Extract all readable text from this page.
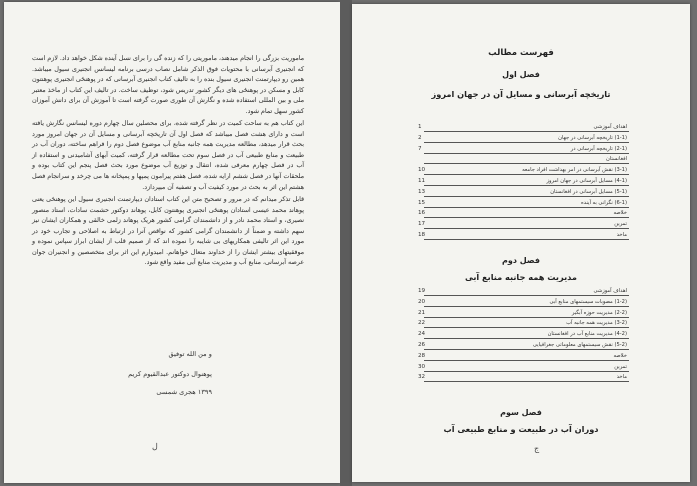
ماموریت بزرگی را انجام میدهند، ماموریتی را که زنده گی را برای نسل آینده شکل خواهد داد. لازم است که انجنیری آبرسانی با محتویات فوق الذکر شامل نصاب درسی برنامه لیسانس انجنیری سیول میباشد. همین رو دیپارتمنت انجنیری سیول بنده را به تالیف کتاب انجنیری آبرسانی که در پوهنځی انجنیری پوهنتون کابل و مسکن در پوهنځی های دیگر کشور تدریس شود، توظیف ساخت. در تالیف این کتاب از ماخذ معتبر ملی و بین المللی استفاده شده و نگارش آن طوری صورت گرفته است تا آموزش آن برای دانش آموزان کشور سهل تمام شود.

این کتاب هم به ساحت کمیت در نظر گرفته شده، برای محصلین سال چهارم دوره لیسانس نگارش یافته است و دارای هشت فصل میباشد که فصل اول آن تاریخچه آبرسانی و مسایل آن در جهان امروز مورد بحث قرار میدهد، مطالعه مدیریت همه جانبه منابع آب موضوع فصل دوم را فراهم ساخته، دوران آب در طبیعت و منابع طبیعی آب در فصل سوم تحت مطالعه قرار گرفته، کمیت آبهای آشامیدنی و استفاده از آب در فصل چهارم معرفی شده، انتقال و توزیع آب موضوع مورد بحث فصل پنجم این کتاب بوده و ملحقات آنها در فصل ششم ارایه شده، فصل هفتم پیرامون پمپها و پمپخانه ها می چرخد و سرانجام فصل هشتم این اثر به بحث در مورد کیفیت آب و تصفیه آن میپردازد.

قابل تذکر میدانم که در مرور و تصحیح متن این کتاب استادان دیپارتمنت انجنیری سیول این پوهنځی یعنی پوهاند محمد عیسی استادان پوهنځی انجنیری پوهنتون کابل، پوهاند دوکتور حشمت سادات، استاد منصور نصیری، و استاد محمد نادر و از دانشمندان گرامی کشور هریک پوهاند زلمی خالقی و همکاران ایشان نیز سهم داشته و ضمناً از دانشمندان گرامی کشور که نواقص آنرا در ارتباط به اصلاحی و تجارب خود در مورد این اثر تالیفی همکاریهای بی شایبه را نموده اند که از صمیم قلب از ایشان ابراز سپاس نموده و موفقیتهای بیشتر ایشان را از خداوند متعال خواهانم. امیدوارم این اثر برای متخصصین و انجنیران جوان عرصه آبرسانی، منابع آب و مدیریت منابع آبی مفید واقع شود.

و من الله توفیق
پوهنوال دوکتور عبدالقیوم کریم
۱۳۹۹ هجری شمسی
ل
فهرست مطالب
فصل اول
تاریخچه آبرسانی و مسایل آن در جهان امروز
اهداف آموزشی
1
(1-1) تاریخچه آبرسانی در جهان
2
(2-1) تاریخچه آبرسانی در
7
افغانستان
(3-1) نقش آبرسانی در امر بهداشت افراد جامعه
10
(4-1) مسایل آبرسانی در جهان امروز
11
(5-1) مسایل آبرسانی در افغانستان
13
(6-1) نگرانی به آینده
15
خلاصه
16
تمرین
17
ماخذ
18
فصل دوم
مدیریت همه جانبه منابع آبی
اهداف آموزشی
19
(1-2) مصوبات سیستمهای منابع آبی
20
(2-2) مدیریت حوزه آبگیر
21
(3-2) مدیریت همه جانبه آب
22
(4-2) مدیریت منابع آب در افغانستان
24
(5-2) نقش سیستمهای معلوماتی جغرافیایی
26
خلاصه
28
تمرین
30
ماخذ
32
فصل سوم
دوران آب در طبیعت و منابع طبیعی آب
ج
